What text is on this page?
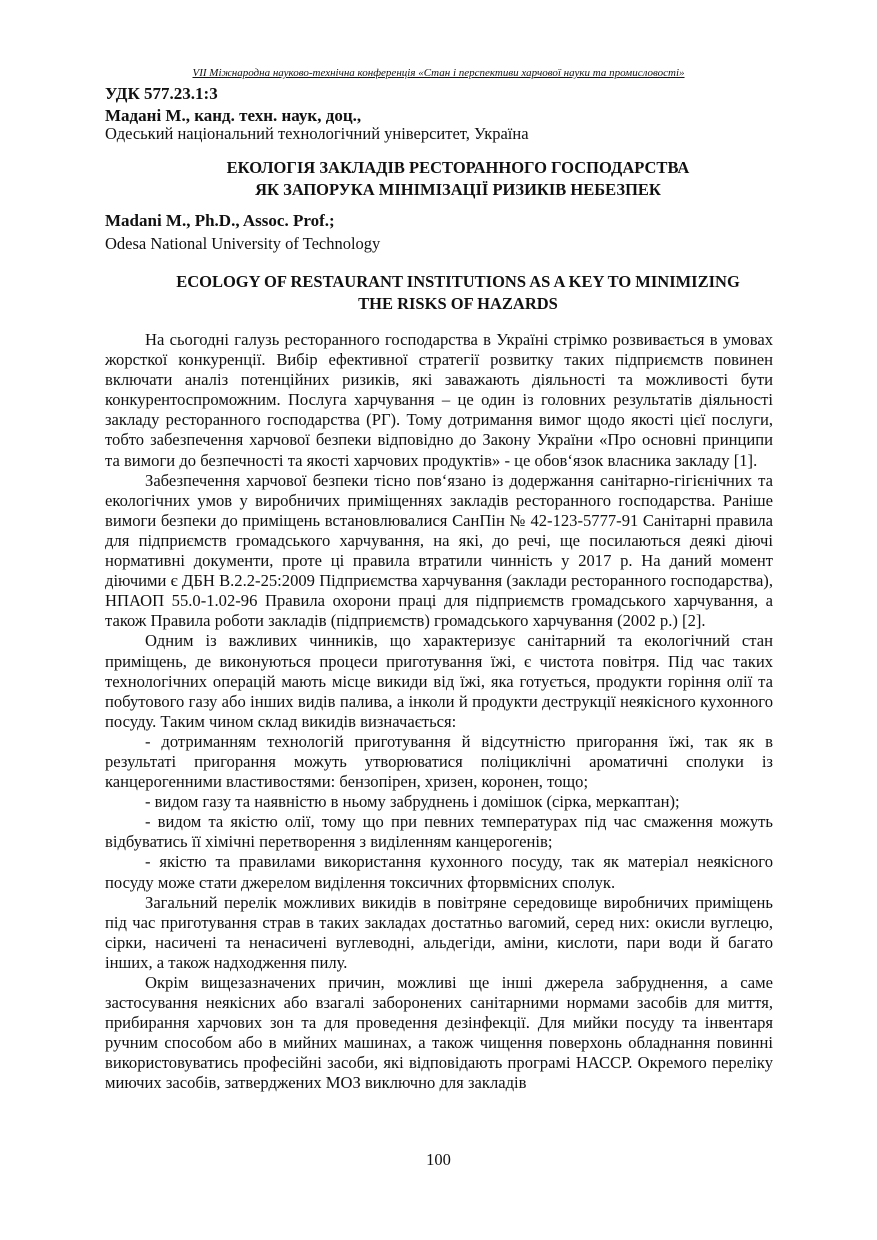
VII Міжнародна науково-технічна конференція «Стан і перспективи харчової науки та промисловості»
УДК 577.23.1:3
Мадані М., канд. техн. наук, доц.,
Одеський національний технологічний університет, Україна
ЕКОЛОГІЯ ЗАКЛАДІВ РЕСТОРАННОГО ГОСПОДАРСТВА
ЯК ЗАПОРУКА МІНІМІЗАЦІЇ РИЗИКІВ НЕБЕЗПЕК
Madani M., Ph.D., Assoc. Prof.;
Odesa National University of Technology
ECOLOGY OF RESTAURANT INSTITUTIONS AS A KEY TO MINIMIZING
THE RISKS OF HAZARDS

На сьогодні галузь ресторанного господарства в Україні стрімко розвивається в умовах жорсткої конкуренції. Вибір ефективної стратегії розвитку таких підприємств повинен включати аналіз потенційних ризиків, які заважають діяльності та можливості бути конкурентоспроможним. Послуга харчування – це один із головних результатів діяльності закладу ресторанного господарства (РГ). Тому дотримання вимог щодо якості цієї послуги, тобто забезпечення харчової безпеки відповідно до Закону України «Про основні принципи та вимоги до безпечності та якості харчових продуктів» - це обов‘язок власника закладу [1].

Забезпечення харчової безпеки тісно пов‘язано із додержання санітарно-гігієнічних та екологічних умов у виробничих приміщеннях закладів ресторанного господарства. Раніше вимоги безпеки до приміщень встановлювалися СанПін № 42-123-5777-91 Санітарні правила для підприємств громадського харчування, на які, до речі, ще посилаються деякі діючі нормативні документи, проте ці правила втратили чинність у 2017 р. На даний момент діючими є ДБН В.2.2-25:2009 Підприємства харчування (заклади ресторанного господарства), НПАОП 55.0-1.02-96 Правила охорони праці для підприємств громадського харчування, а також Правила роботи закладів (підприємств) громадського харчування (2002 р.) [2].

Одним із важливих чинників, що характеризує санітарний та екологічний стан приміщень, де виконуються процеси приготування їжі, є чистота повітря. Під час таких технологічних операцій мають місце викиди від їжі, яка готується, продукти горіння олії та побутового газу або інших видів палива, а інколи й продукти деструкції неякісного кухонного посуду. Таким чином склад викидів визначається:

- дотриманням технологій приготування й відсутністю пригорання їжі, так як в результаті пригорання можуть утворюватися поліциклічні ароматичні сполуки із канцерогенними властивостями: бензопірен, хризен, коронен, тощо;

- видом газу та наявністю в ньому забруднень і домішок (сірка, меркаптан);

- видом та якістю олії, тому що при певних температурах під час смаження можуть відбуватись її хімічні перетворення з виділенням канцерогенів;

- якістю та правилами використання кухонного посуду, так як матеріал неякісного посуду може стати джерелом виділення токсичних фторвмісних сполук.

Загальний перелік можливих викидів в повітряне середовище виробничих приміщень під час приготування страв в таких закладах достатньо вагомий, серед них: окисли вуглецю, сірки, насичені та ненасичені вуглеводні, альдегіди, аміни, кислоти, пари води й багато інших, а також надходження пилу.

Окрім вищезазначених причин, можливі ще інші джерела забруднення, а саме застосування неякісних або взагалі заборонених санітарними нормами засобів для миття, прибирання харчових зон та для проведення дезінфекції. Для мийки посуду та інвентаря ручним способом або в мийних машинах, а також чищення поверхонь обладнання повинні використовуватись професійні засоби, які відповідають програмі НАССР. Окремого переліку миючих засобів, затверджених МОЗ виключно для закладів

100
